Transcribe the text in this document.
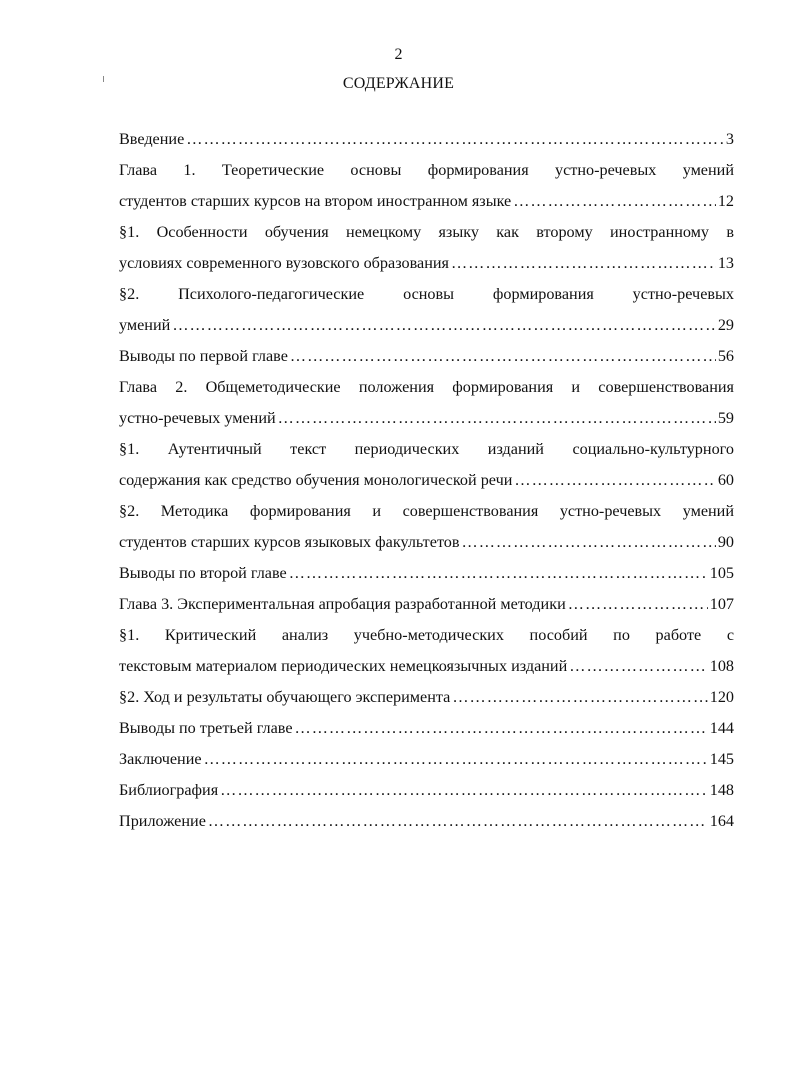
2
СОДЕРЖАНИЕ
Введение …………………………………………………………………………………………………………………………………………………	3
Глава 1. Теоретические основы формирования устно-речевых умений
студентов старших курсов на втором иностранном языке …………………………………………………………………………………………………………………………………………………	12
§1. Особенности обучения немецкому языку как второму иностранному в
условиях современного вузовского образования …………………………………………………………………………………………………………………………………………………	13
§2. Психолого-педагогические основы формирования устно-речевых
умений …………………………………………………………………………………………………………………………………………………	29
Выводы по первой главе …………………………………………………………………………………………………………………………………………………	56
Глава 2. Общеметодические положения формирования и совершенствования
устно-речевых умений …………………………………………………………………………………………………………………………………………………	59
§1. Аутентичный текст периодических изданий социально-культурного
содержания как средство обучения монологической речи …………………………………………………………………………………………………………………………………………………	60
§2. Методика формирования и совершенствования устно-речевых умений
студентов старших курсов языковых факультетов …………………………………………………………………………………………………………………………………………………	90
Выводы по второй главе …………………………………………………………………………………………………………………………………………………	105
Глава 3. Экспериментальная апробация разработанной методики …………………………………………………………………………………………………………………………………………………	107
§1. Критический анализ учебно-методических пособий по работе с
текстовым материалом периодических немецкоязычных изданий …………………………………………………………………………………………………………………………………………………	108
§2. Ход и результаты обучающего эксперимента …………………………………………………………………………………………………………………………………………………	120
Выводы по третьей главе …………………………………………………………………………………………………………………………………………………	144
Заключение …………………………………………………………………………………………………………………………………………………	145
Библиография …………………………………………………………………………………………………………………………………………………	148
Приложение …………………………………………………………………………………………………………………………………………………	164
